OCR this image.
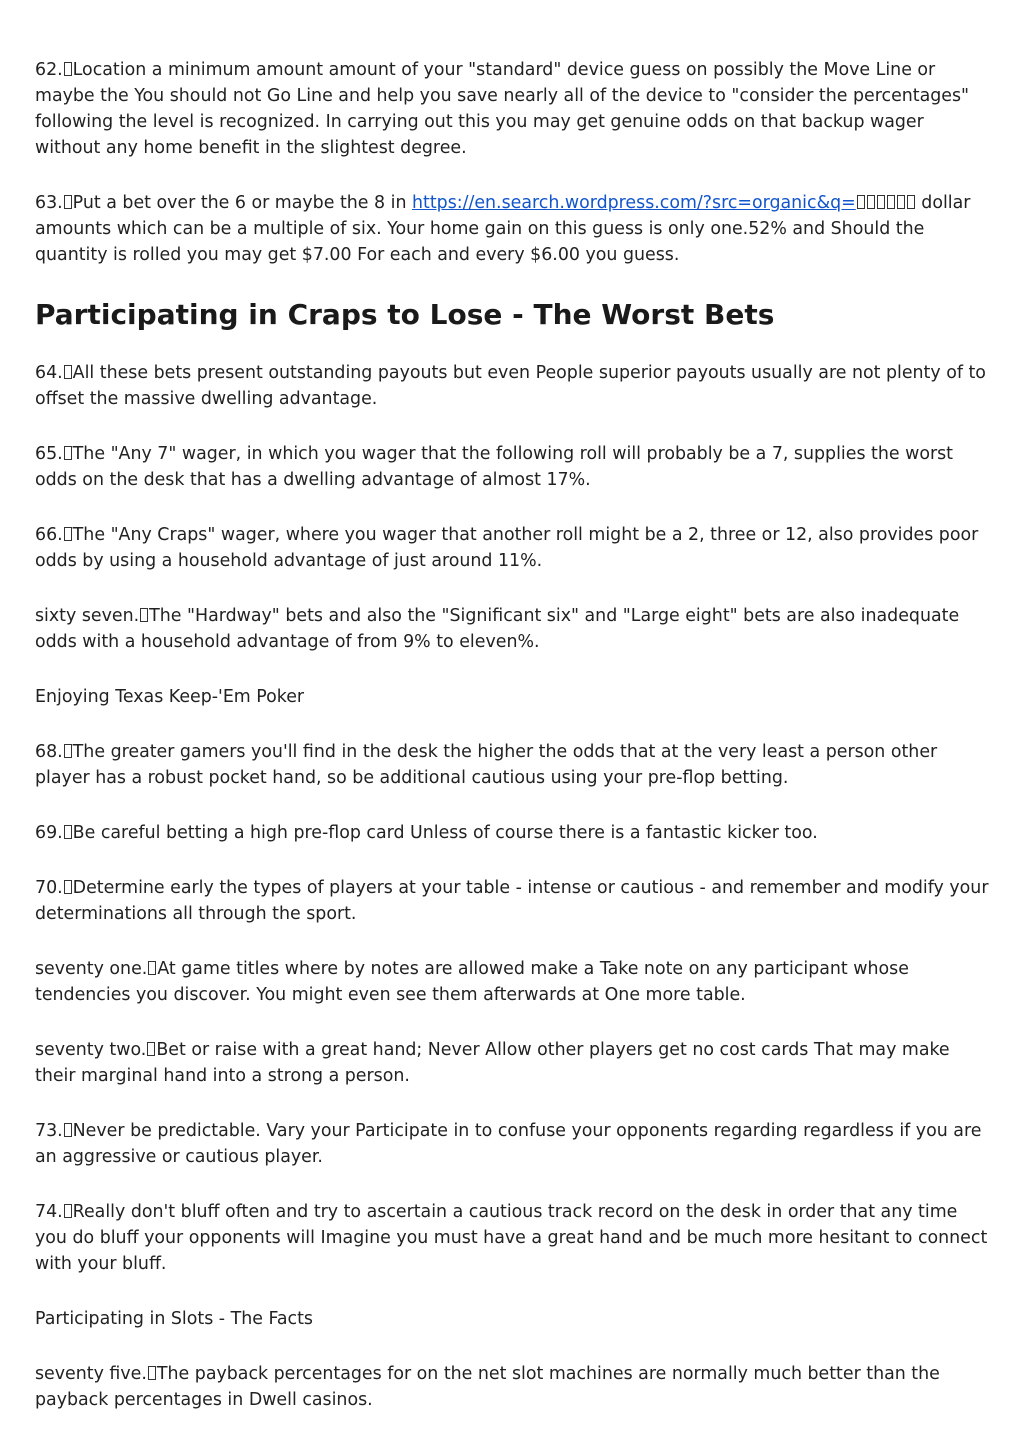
62. Location a minimum amount amount of your "standard" device guess on possibly the Move Line or maybe the You should not Go Line and help you save nearly all of the device to "consider the percentages" following the level is recognized. In carrying out this you may get genuine odds on that backup wager without any home benefit in the slightest degree.

63. Put a bet over the 6 or maybe the 8 in https://en.search.wordpress.com/?src=organic&q=	dollar amounts which can be a multiple of six. Your home gain on this guess is only one.52% and Should the quantity is rolled you may get $7.00 For each and every $6.00 you guess.

Participating in Craps to Lose - The Worst Bets

64. All these bets present outstanding payouts but even People superior payouts usually are not plenty of to offset the massive dwelling advantage.

65. The "Any 7" wager, in which you wager that the following roll will probably be a 7, supplies the worst odds on the desk that has a dwelling advantage of almost 17%.

66. The "Any Craps" wager, where you wager that another roll might be a 2, three or 12, also provides poor odds by using a household advantage of just around 11%.

sixty seven. The "Hardway" bets and also the "Significant six" and "Large eight" bets are also inadequate odds with a household advantage of from 9% to eleven%.

Enjoying Texas Keep-'Em Poker

68. The greater gamers you'll find in the desk the higher the odds that at the very least a person other player has a robust pocket hand, so be additional cautious using your pre-flop betting.

69. Be careful betting a high pre-flop card Unless of course there is a fantastic kicker too.

70. Determine early the types of players at your table - intense or cautious - and remember and modify your determinations all through the sport.

seventy one. At game titles where by notes are allowed make a Take note on any participant whose tendencies you discover. You might even see them afterwards at One more table.

seventy two. Bet or raise with a great hand; Never Allow other players get no cost cards That may make their marginal hand into a strong a person.

73. Never be predictable. Vary your Participate in to confuse your opponents regarding regardless if you are an aggressive or cautious player.

74. Really don't bluff often and try to ascertain a cautious track record on the desk in order that any time you do bluff your opponents will Imagine you must have a great hand and be much more hesitant to connect with your bluff.

Participating in Slots - The Facts

seventy five. The payback percentages for on the net slot machines are normally much better than the payback percentages in Dwell casinos.
